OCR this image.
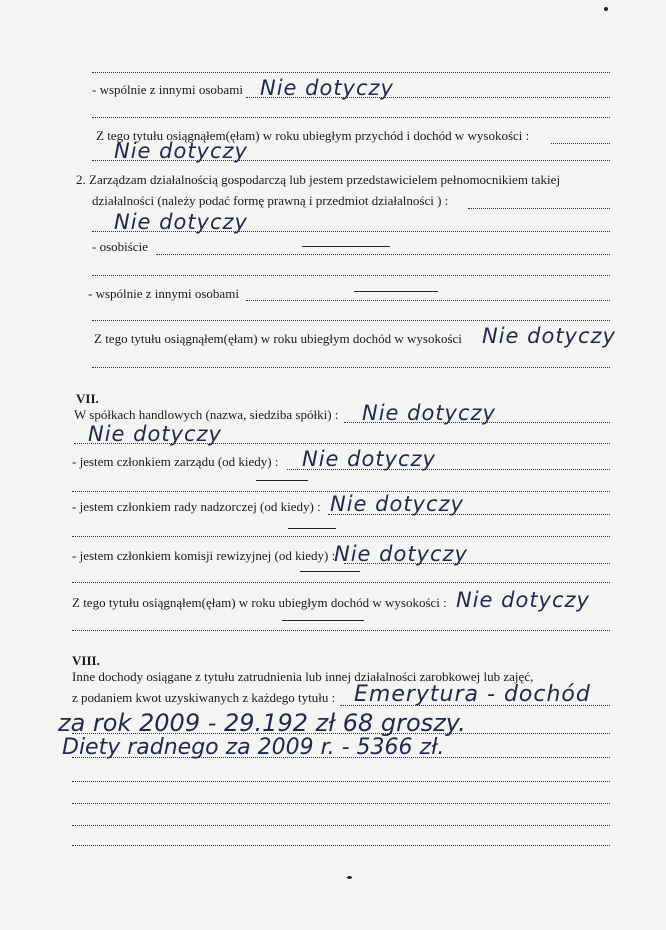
- wspólnie z innymi osobami Nie dotyczy
Z tego tytułu osiągnąłem(ęłam) w roku ubiegłym przychód i dochód w wysokości :
Nie dotyczy
2. Zarządzam działalnością gospodarczą lub jestem przedstawicielem pełnomocnikiem takiej
działalności (należy podać formę prawną i przedmiot działalności ) :
Nie dotyczy
- osobiście
- wspólnie z innymi osobami
Z tego tytułu osiągnąłem(ęłam) w roku ubiegłym dochód w wysokości Nie dotyczy
VII.
W spółkach handlowych (nazwa, siedziba spółki) : Nie dotyczy
Nie dotyczy
- jestem członkiem zarządu (od kiedy) : Nie dotyczy
- jestem członkiem rady nadzorczej (od kiedy) : Nie dotyczy
- jestem członkiem komisji rewizyjnej (od kiedy) :
Nie dotyczy
Z tego tytułu osiągnąłem(ęłam) w roku ubiegłym dochód w wysokości : Nie dotyczy
VIII.
Inne dochody osiągane z tytułu zatrudnienia lub innej działalności zarobkowej lub zajęć,
z podaniem kwot uzyskiwanych z każdego tytułu : Emerytura - dochód
za rok 2009 - 29.192 zł 68 groszy.
Diety radnego za 2009 r. - 5366 zł.
